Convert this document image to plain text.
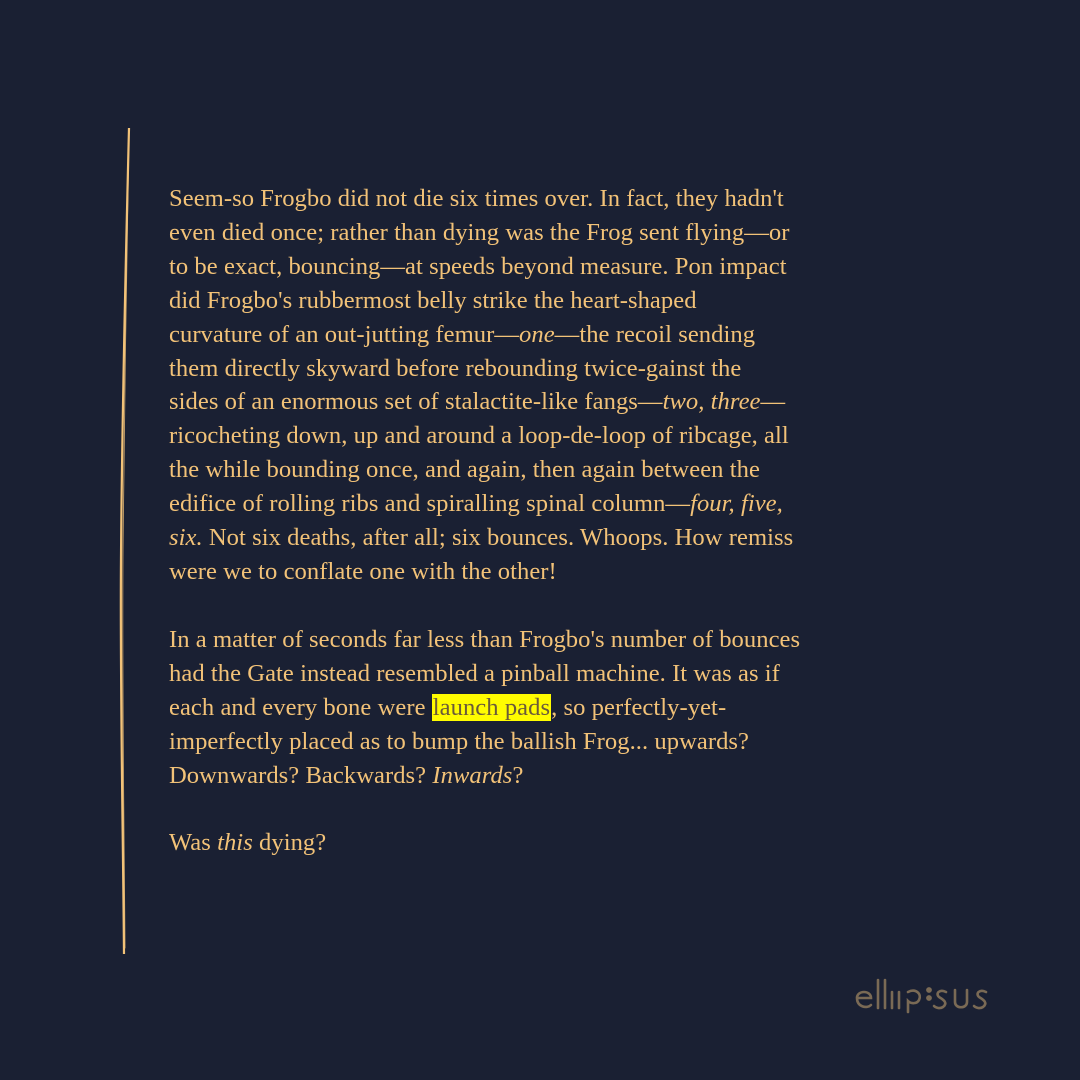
Seem-so Frogbo did not die six times over. In fact, they hadn't
even died once; rather than dying was the Frog sent flying—or
to be exact, bouncing—at speeds beyond measure. Pon impact
did Frogbo's rubbermost belly strike the heart-shaped
curvature of an out-jutting femur—one—the recoil sending
them directly skyward before rebounding twice-gainst the
sides of an enormous set of stalactite-like fangs—two, three—
ricocheting down, up and around a loop-de-loop of ribcage, all
the while bounding once, and again, then again between the
edifice of rolling ribs and spiralling spinal column—four, five,
six. Not six deaths, after all; six bounces. Whoops. How remiss
were we to conflate one with the other!

In a matter of seconds far less than Frogbo's number of bounces
had the Gate instead resembled a pinball machine. It was as if
each and every bone were launch pads, so perfectly-yet-
imperfectly placed as to bump the ballish Frog... upwards?
Downwards? Backwards? Inwards?

Was this dying?
